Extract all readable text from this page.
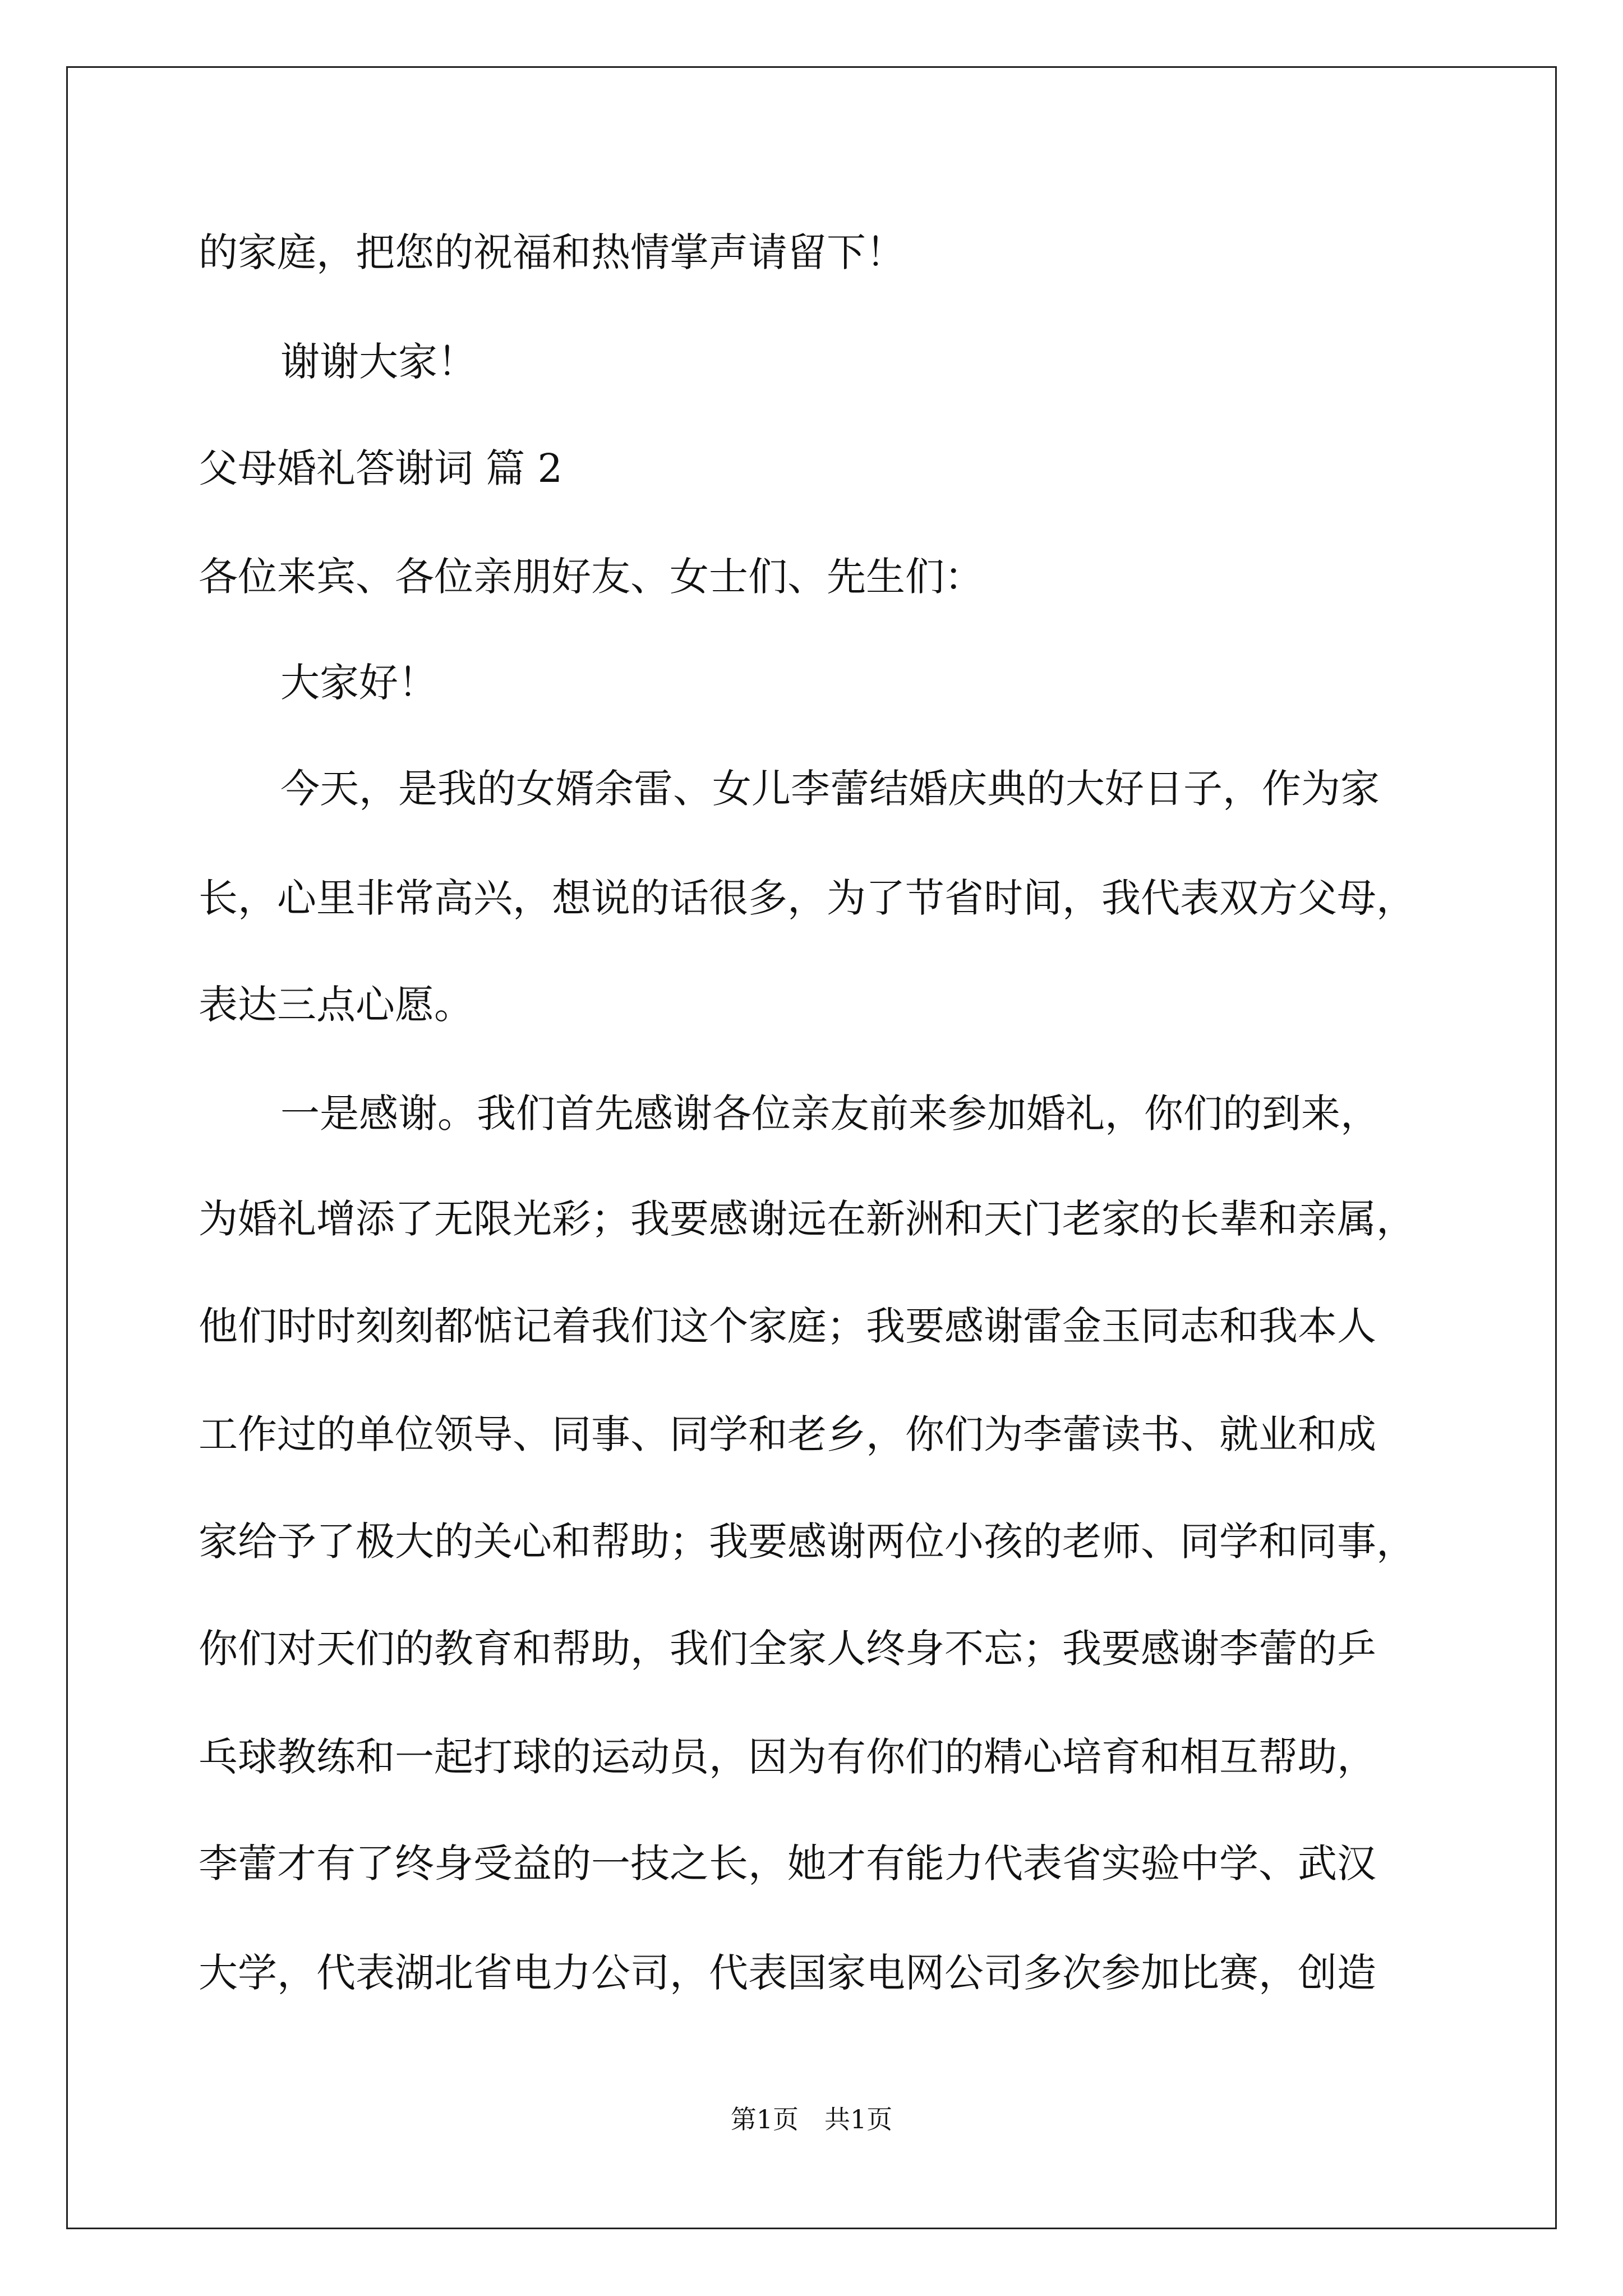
的家庭，把您的祝福和热情掌声请留下！
谢谢大家！
父母婚礼答谢词 篇 2
各位来宾、各位亲朋好友、女士们、先生们：
大家好！
今天，是我的女婿余雷、女儿李蕾结婚庆典的大好日子，作为家
长，心里非常高兴，想说的话很多，为了节省时间，我代表双方父母，
表达三点心愿。
一是感谢。我们首先感谢各位亲友前来参加婚礼，你们的到来，
为婚礼增添了无限光彩；我要感谢远在新洲和天门老家的长辈和亲属，
他们时时刻刻都惦记着我们这个家庭；我要感谢雷金玉同志和我本人
工作过的单位领导、同事、同学和老乡，你们为李蕾读书、就业和成
家给予了极大的关心和帮助；我要感谢两位小孩的老师、同学和同事，
你们对天们的教育和帮助，我们全家人终身不忘；我要感谢李蕾的乒
乓球教练和一起打球的运动员，因为有你们的精心培育和相互帮助，
李蕾才有了终身受益的一技之长，她才有能力代表省实验中学、武汉
大学，代表湖北省电力公司，代表国家电网公司多次参加比赛，创造
第1页　共1页
